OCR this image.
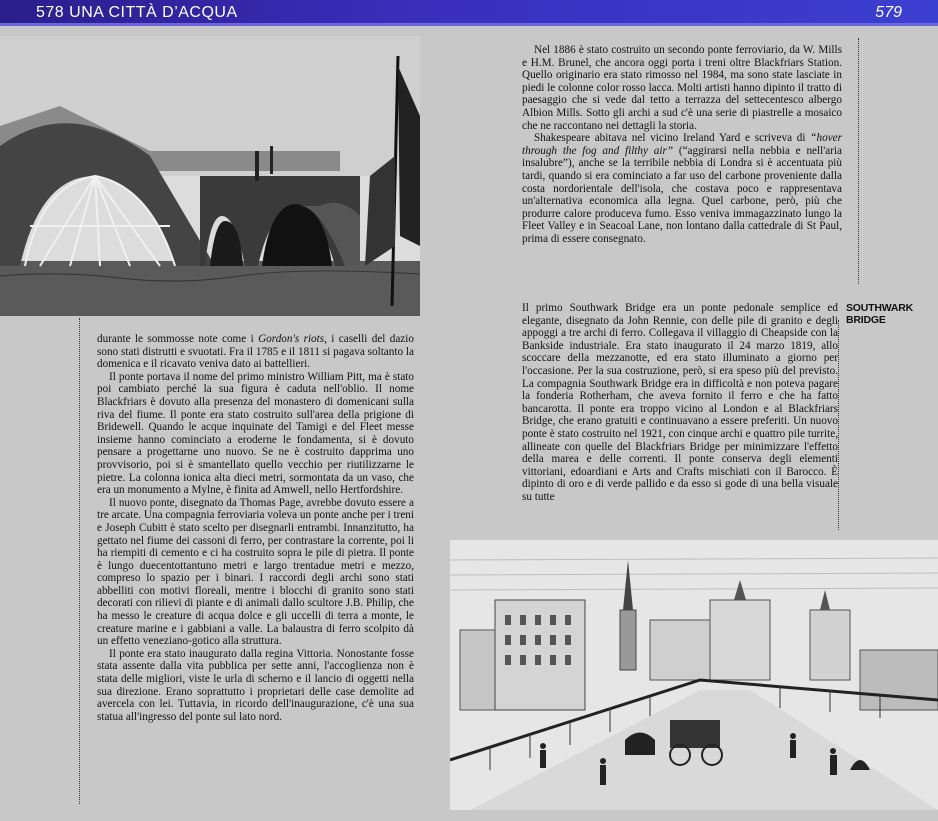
578 UNA CITTÀ D’ACQUA	579

durante le sommosse note come i Gordon's riots, i caselli del dazio sono stati distrutti e svuotati. Fra il 1785 e il 1811 si pagava soltanto la domenica e il ricavato veniva dato ai battellieri.

Il ponte portava il nome del primo ministro William Pitt, ma è stato poi cambiato perché la sua figura è caduta nell'oblio. Il nome Blackfriars è dovuto alla presenza del monastero di domenicani sulla riva del fiume. Il ponte era stato costruito sull'area della prigione di Bridewell. Quando le acque inquinate del Tamigi e del Fleet messe insieme hanno cominciato a eroderne le fondamenta, si è dovuto pensare a progettarne uno nuovo. Se ne è costruito dapprima uno provvisorio, poi si è smantellato quello vecchio per riutilizzarne le pietre. La colonna ionica alta dieci metri, sormontata da un vaso, che era un monumento a Mylne, è finita ad Amwell, nello Hertfordshire.

Il nuovo ponte, disegnato da Thomas Page, avrebbe dovuto essere a tre arcate. Una compagnia ferroviaria voleva un ponte anche per i treni e Joseph Cubitt è stato scelto per disegnarli entrambi. Innanzitutto, ha gettato nel fiume dei cassoni di ferro, per contrastare la corrente, poi li ha riempiti di cemento e ci ha costruito sopra le pile di pietra. Il ponte è lungo duecentottantuno metri e largo trentadue metri e mezzo, compreso lo spazio per i binari. I raccordi degli archi sono stati abbelliti con motivi floreali, mentre i blocchi di granito sono stati decorati con rilievi di piante e di animali dallo scultore J.B. Philip, che ha messo le creature di acqua dolce e gli uccelli di terra a monte, le creature marine e i gabbiani a valle. La balaustra di ferro scolpito dà un effetto veneziano-gotico alla struttura.

Il ponte era stato inaugurato dalla regina Vittoria. Nonostante fosse stata assente dalla vita pubblica per sette anni, l'accoglienza non è stata delle migliori, viste le urla di scherno e il lancio di oggetti nella sua direzione. Erano soprattutto i proprietari delle case demolite ad avercela con lei. Tuttavia, in ricordo dell'inaugurazione, c'è una sua statua all'ingresso del ponte sul lato nord.

Nel 1886 è stato costruito un secondo ponte ferroviario, da W. Mills e H.M. Brunel, che ancora oggi porta i treni oltre Blackfriars Station. Quello originario era stato rimosso nel 1984, ma sono state lasciate in piedi le colonne color rosso lacca. Molti artisti hanno dipinto il tratto di paesaggio che si vede dal tetto a terrazza del settecentesco albergo Albion Mills. Sotto gli archi a sud c'è una serie di piastrelle a mosaico che ne raccontano nei dettagli la storia.

Shakespeare abitava nel vicino Ireland Yard e scriveva di “hover through the fog and filthy air” (“aggirarsi nella nebbia e nell'aria insalubre”), anche se la terribile nebbia di Londra si è accentuata più tardi, quando si era cominciato a far uso del carbone proveniente dalla costa nordorientale dell'isola, che costava poco e rappresentava un'alternativa economica alla legna. Quel carbone, però, più che produrre calore produceva fumo. Esso veniva immagazzinato lungo la Fleet Valley e in Seacoal Lane, non lontano dalla cattedrale di St Paul, prima di essere consegnato.

Il primo Southwark Bridge era un ponte pedonale semplice ed elegante, disegnato da John Rennie, con delle pile di granito e degli appoggi a tre archi di ferro. Collegava il villaggio di Cheapside con la Bankside industriale. Era stato inaugurato il 24 marzo 1819, allo scoccare della mezzanotte, ed era stato illuminato a giorno per l'occasione. Per la sua costruzione, però, si era speso più del previsto. La compagnia Southwark Bridge era in difficoltà e non poteva pagare la fonderia Rotherham, che aveva fornito il ferro e che ha fatto bancarotta. Il ponte era troppo vicino al London e al Blackfriars Bridge, che erano gratuiti e continuavano a essere preferiti. Un nuovo ponte è stato costruito nel 1921, con cinque archi e quattro pile turrite, allineate con quelle del Blackfriars Bridge per minimizzare l'effetto della marea e delle correnti. Il ponte conserva degli elementi vittoriani, edoardiani e Arts and Crafts mischiati con il Barocco. È dipinto di oro e di verde pallido e da esso si gode di una bella visuale su tutte

SOUTHWARK
BRIDGE
